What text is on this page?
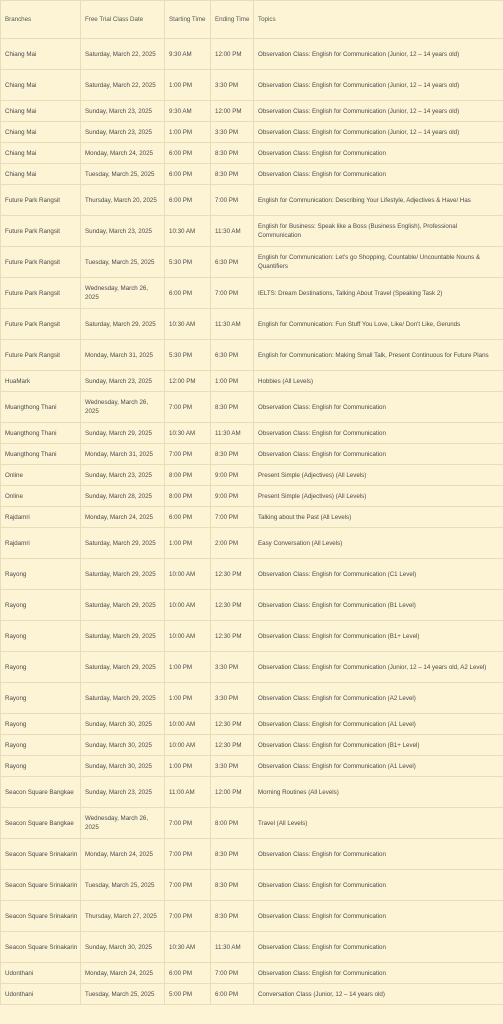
Branches	Free Trial Class Date	Starting Time	Ending Time	Topics
Chiang Mai	Saturday, March 22, 2025	9:30 AM	12:00 PM	Observation Class: English for Communication (Junior, 12 – 14 years old)
Chiang Mai	Saturday, March 22, 2025	1:00 PM	3:30 PM	Observation Class: English for Communication (Junior, 12 – 14 years old)
Chiang Mai	Sunday, March 23, 2025	9:30 AM	12:00 PM	Observation Class: English for Communication (Junior, 12 – 14 years old)
Chiang Mai	Sunday, March 23, 2025	1:00 PM	3:30 PM	Observation Class: English for Communication (Junior, 12 – 14 years old)
Chiang Mai	Monday, March 24, 2025	6:00 PM	8:30 PM	Observation Class: English for Communication
Chiang Mai	Tuesday, March 25, 2025	6:00 PM	8:30 PM	Observation Class: English for Communication
Future Park Rangsit	Thursday, March 20, 2025	6:00 PM	7:00 PM	English for Communication: Describing Your Lifestyle, Adjectives & Have/ Has
Future Park Rangsit	Sunday, March 23, 2025	10:30 AM	11:30 AM	English for Business: Speak like a Boss (Business English), Professional Communication
Future Park Rangsit	Tuesday, March 25, 2025	5:30 PM	6:30 PM	English for Communication: Let's go Shopping, Countable/ Uncountable Nouns & Quantifiers
Future Park Rangsit	Wednesday, March 26, 2025	6:00 PM	7:00 PM	IELTS: Dream Destinations, Talking About Travel (Speaking Task 2)
Future Park Rangsit	Saturday, March 29, 2025	10:30 AM	11:30 AM	English for Communication: Fun Stuff You Love, Like/ Don't Like, Gerunds
Future Park Rangsit	Monday, March 31, 2025	5:30 PM	6:30 PM	English for Communication: Making Small Talk, Present Continuous for Future Plans
HuaMark	Sunday, March 23, 2025	12:00 PM	1:00 PM	Hobbies (All Levels)
Muangthong Thani	Wednesday, March 26, 2025	7:00 PM	8:30 PM	Observation Class: English for Communication
Muangthong Thani	Sunday, March 29, 2025	10:30 AM	11:30 AM	Observation Class: English for Communication
Muangthong Thani	Monday, March 31, 2025	7:00 PM	8:30 PM	Observation Class: English for Communication
Online	Sunday, March 23, 2025	8:00 PM	9:00 PM	Present Simple (Adjectives) (All Levels)
Online	Sunday, March 28, 2025	8:00 PM	9:00 PM	Present Simple (Adjectives) (All Levels)
Rajdamri	Monday, March 24, 2025	6:00 PM	7:00 PM	Talking about the Past (All Levels)
Rajdamri	Saturday, March 29, 2025	1:00 PM	2:00 PM	Easy Conversation (All Levels)
Rayong	Saturday, March 29, 2025	10:00 AM	12:30 PM	Observation Class: English for Communication (C1 Level)
Rayong	Saturday, March 29, 2025	10:00 AM	12:30 PM	Observation Class: English for Communication (B1 Level)
Rayong	Saturday, March 29, 2025	10:00 AM	12:30 PM	Observation Class: English for Communication (B1+ Level)
Rayong	Saturday, March 29, 2025	1:00 PM	3:30 PM	Observation Class: English for Communication (Junior, 12 – 14 years old, A2 Level)
Rayong	Saturday, March 29, 2025	1:00 PM	3:30 PM	Observation Class: English for Communication (A2 Level)
Rayong	Sunday, March 30, 2025	10:00 AM	12:30 PM	Observation Class: English for Communication (A1 Level)
Rayong	Sunday, March 30, 2025	10:00 AM	12:30 PM	Observation Class: English for Communication (B1+ Level)
Rayong	Sunday, March 30, 2025	1:00 PM	3:30 PM	Observation Class: English for Communication (A1 Level)
Seacon Square Bangkae	Sunday, March 23, 2025	11:00 AM	12:00 PM	Morning Routines (All Levels)
Seacon Square Bangkae	Wednesday, March 26, 2025	7:00 PM	8:00 PM	Travel (All Levels)
Seacon Square Srinakarin	Monday, March 24, 2025	7:00 PM	8:30 PM	Observation Class: English for Communication
Seacon Square Srinakarin	Tuesday, March 25, 2025	7:00 PM	8:30 PM	Observation Class: English for Communication
Seacon Square Srinakarin	Thursday, March 27, 2025	7:00 PM	8:30 PM	Observation Class: English for Communication
Seacon Square Srinakarin	Sunday, March 30, 2025	10:30 AM	11:30 AM	Observation Class: English for Communication
Udonthani	Monday, March 24, 2025	6:00 PM	7:00 PM	Observation Class: English for Communication
Udonthani	Tuesday, March 25, 2025	5:00 PM	6:00 PM	Conversation Class (Junior, 12 – 14 years old)
